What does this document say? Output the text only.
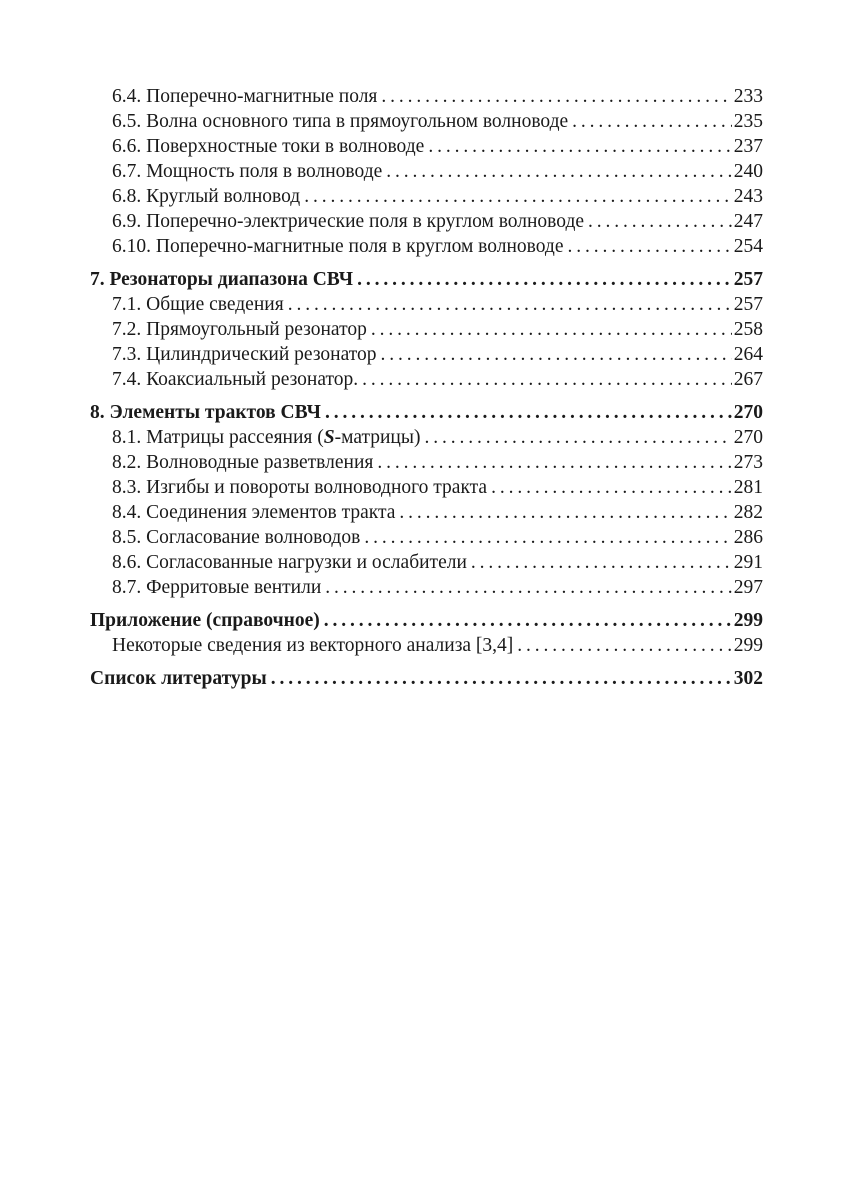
6.4. Поперечно-магнитные поля . . .	233
6.5. Волна основного типа в прямоугольном волноводе . . .	235
6.6. Поверхностные токи в волноводе . . .	237
6.7. Мощность поля в волноводе . . .	240
6.8. Круглый волновод . . .	243
6.9. Поперечно-электрические поля в круглом волноводе . . .	247
6.10. Поперечно-магнитные поля в круглом волноводе . . .	254
7. Резонаторы диапазона СВЧ . . .	257
7.1. Общие сведения . . .	257
7.2. Прямоугольный резонатор . . .	258
7.3. Цилиндрический резонатор . . .	264
7.4. Коаксиальный резонатор. . . .	267
8. Элементы трактов СВЧ . . .	270
8.1. Матрицы рассеяния (S-матрицы) . . .	270
8.2. Волноводные разветвления . . .	273
8.3. Изгибы и повороты волноводного тракта . . .	281
8.4. Соединения элементов тракта . . .	282
8.5. Согласование волноводов . . .	286
8.6. Согласованные нагрузки и ослабители . . .	291
8.7. Ферритовые вентили . . .	297
Приложение (справочное) . . .	299
Некоторые сведения из векторного анализа [3,4] . . .	299
Список литературы . . .	302
